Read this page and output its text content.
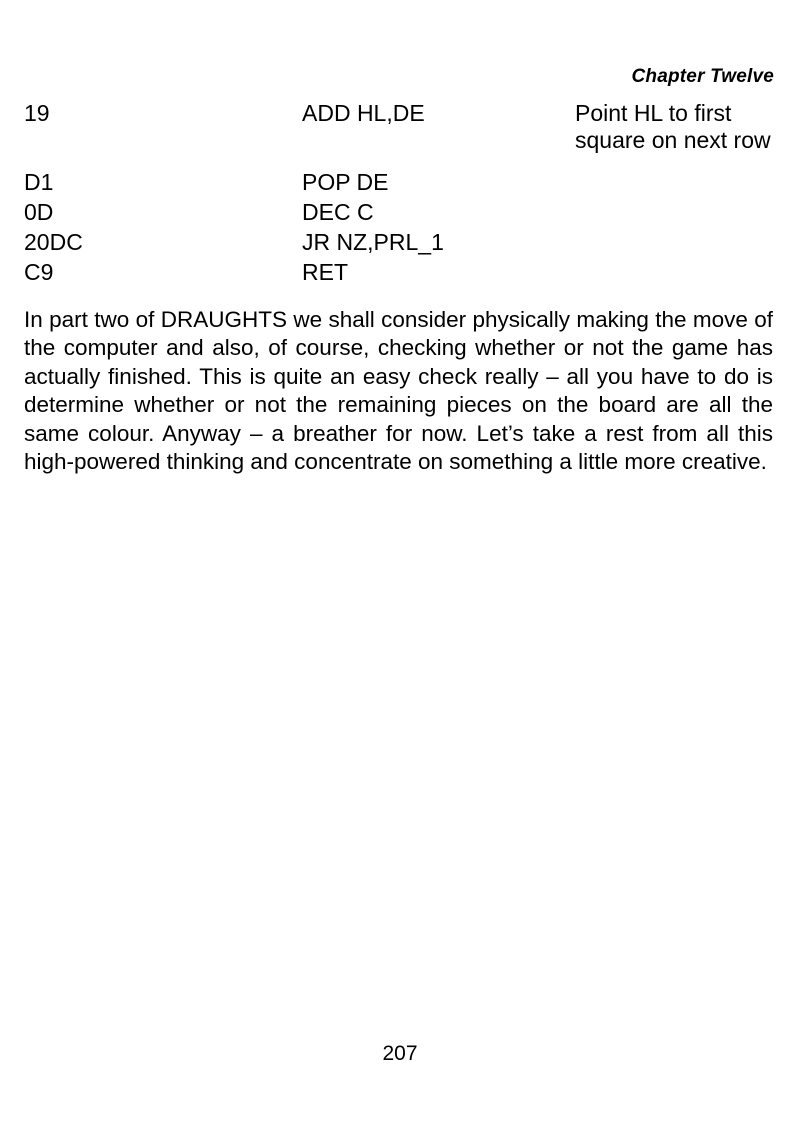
Chapter Twelve
19	ADD HL,DE	Point HL to first square on next row
D1	POP DE
0D	DEC C
20DC	JR NZ,PRL_1
C9	RET

In part two of DRAUGHTS we shall consider physically making the move of the computer and also, of course, checking whether or not the game has actually finished. This is quite an easy check really – all you have to do is determine whether or not the remaining pieces on the board are all the same colour. Anyway – a breather for now. Let’s take a rest from all this high-powered thinking and concentrate on something a little more creative.

207
